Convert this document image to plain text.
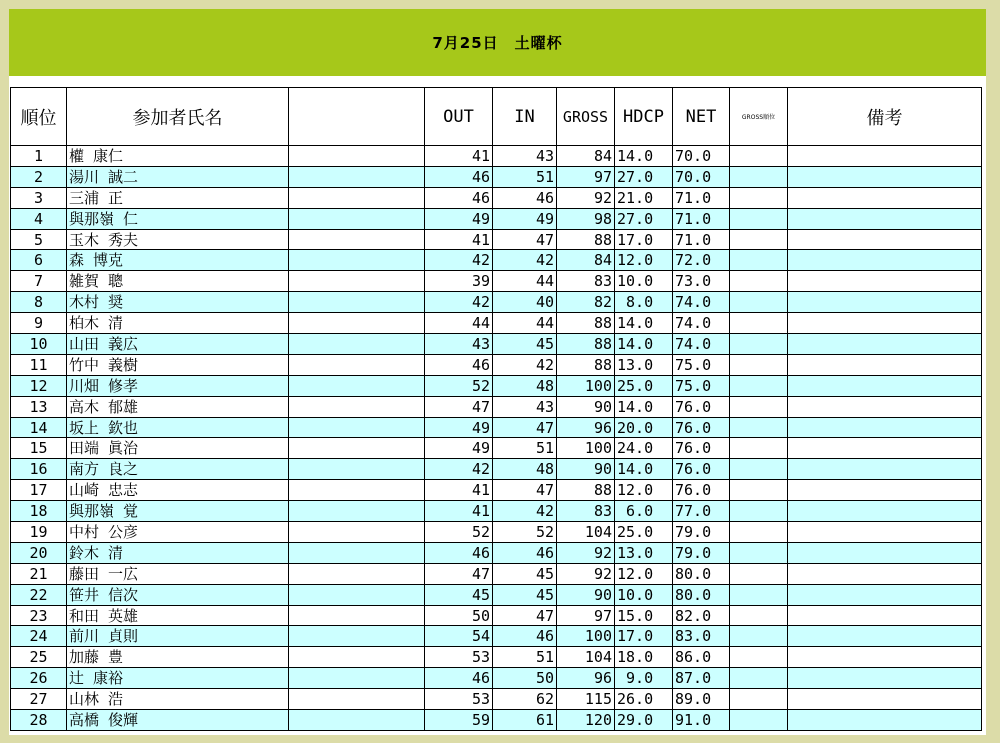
7月25日　土曜杯
順位	参加者氏名		OUT	IN	GROSS	HDCP	NET	GROSS順位	備考
1	權 康仁		41	43	84	14.0	70.0		
2	湯川 誠二		46	51	97	27.0	70.0		
3	三浦 正		46	46	92	21.0	71.0		
4	與那嶺 仁		49	49	98	27.0	71.0		
5	玉木 秀夫		41	47	88	17.0	71.0		
6	森 博克		42	42	84	12.0	72.0		
7	雑賀 聰		39	44	83	10.0	73.0		
8	木村 奨		42	40	82	8.0	74.0		
9	柏木 清		44	44	88	14.0	74.0		
10	山田 義広		43	45	88	14.0	74.0		
11	竹中 義樹		46	42	88	13.0	75.0		
12	川畑 修孝		52	48	100	25.0	75.0		
13	高木 郁雄		47	43	90	14.0	76.0		
14	坂上 欽也		49	47	96	20.0	76.0		
15	田端 眞治		49	51	100	24.0	76.0		
16	南方 良之		42	48	90	14.0	76.0		
17	山崎 忠志		41	47	88	12.0	76.0		
18	與那嶺 覚		41	42	83	6.0	77.0		
19	中村 公彦		52	52	104	25.0	79.0		
20	鈴木 清		46	46	92	13.0	79.0		
21	藤田 一広		47	45	92	12.0	80.0		
22	笹井 信次		45	45	90	10.0	80.0		
23	和田 英雄		50	47	97	15.0	82.0		
24	前川 貞則		54	46	100	17.0	83.0		
25	加藤 豊		53	51	104	18.0	86.0		
26	辻 康裕		46	50	96	9.0	87.0		
27	山林 浩		53	62	115	26.0	89.0		
28	高橋 俊輝		59	61	120	29.0	91.0		
